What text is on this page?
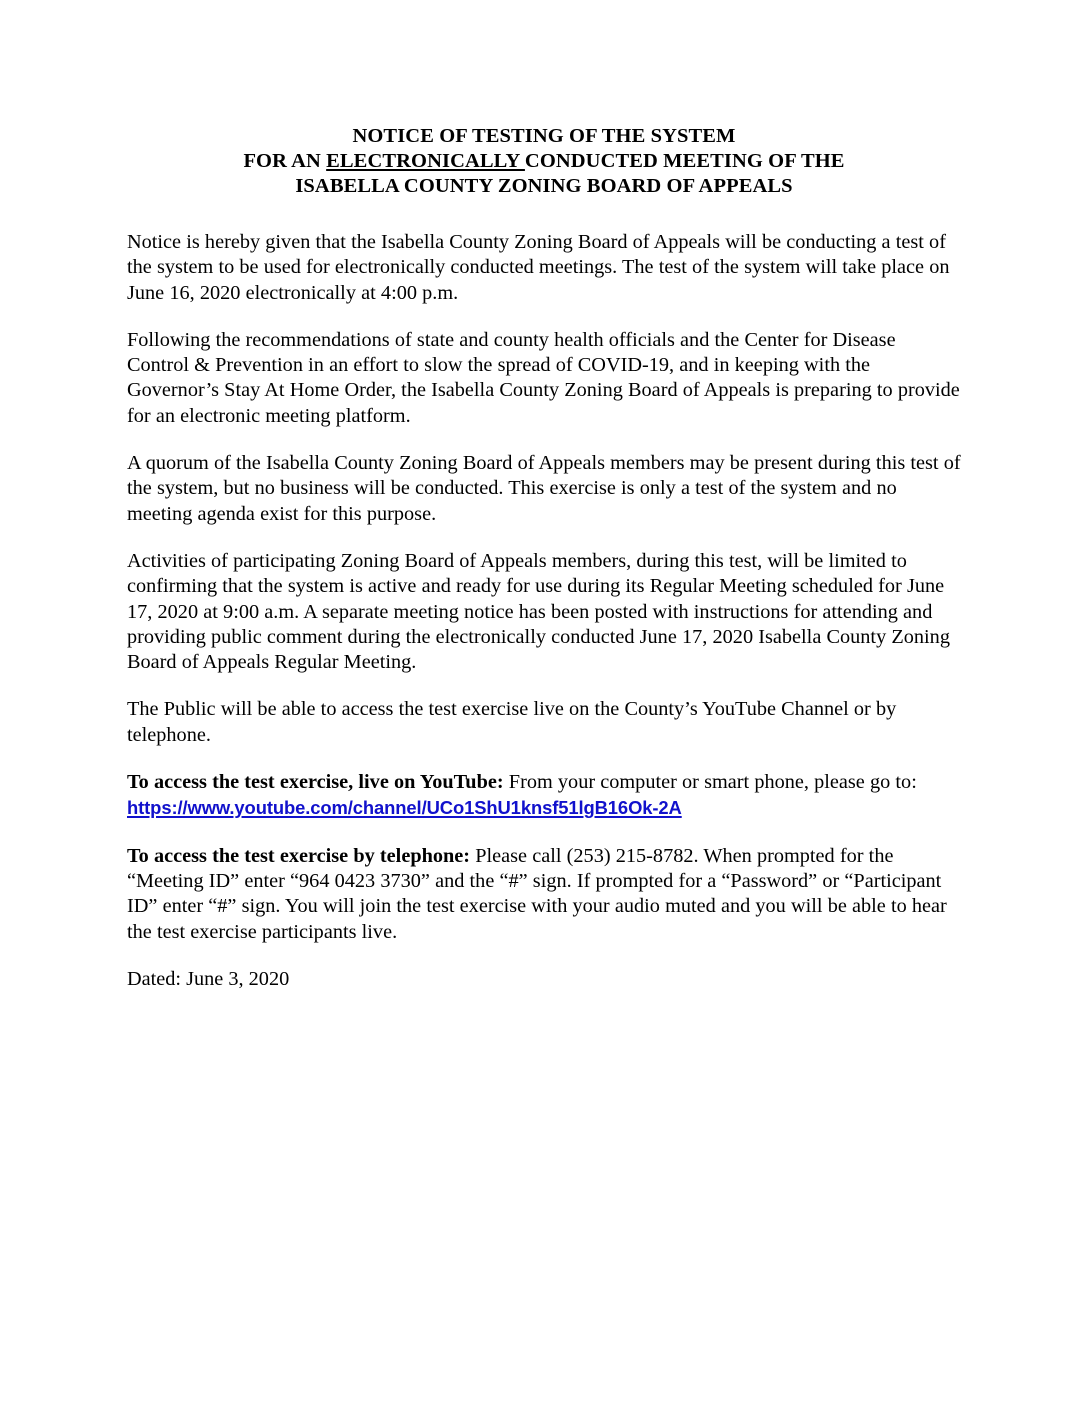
NOTICE OF TESTING OF THE SYSTEM
FOR AN ELECTRONICALLY CONDUCTED MEETING OF THE
ISABELLA COUNTY ZONING BOARD OF APPEALS

Notice is hereby given that the Isabella County Zoning Board of Appeals will be conducting a test of the system to be used for electronically conducted meetings. The test of the system will take place on June 16, 2020 electronically at 4:00 p.m.

Following the recommendations of state and county health officials and the Center for Disease Control & Prevention in an effort to slow the spread of COVID-19, and in keeping with the Governor’s Stay At Home Order, the Isabella County Zoning Board of Appeals is preparing to provide for an electronic meeting platform.

A quorum of the Isabella County Zoning Board of Appeals members may be present during this test of the system, but no business will be conducted. This exercise is only a test of the system and no meeting agenda exist for this purpose.

Activities of participating Zoning Board of Appeals members, during this test, will be limited to confirming that the system is active and ready for use during its Regular Meeting scheduled for June 17, 2020 at 9:00 a.m. A separate meeting notice has been posted with instructions for attending and providing public comment during the electronically conducted June 17, 2020 Isabella County Zoning Board of Appeals Regular Meeting.

The Public will be able to access the test exercise live on the County’s YouTube Channel or by telephone.

To access the test exercise, live on YouTube: From your computer or smart phone, please go to: https://www.youtube.com/channel/UCo1ShU1knsf51lgB16Ok-2A

To access the test exercise by telephone: Please call (253) 215-8782. When prompted for the “Meeting ID” enter “964 0423 3730” and the “#” sign. If prompted for a “Password” or “Participant ID” enter “#” sign. You will join the test exercise with your audio muted and you will be able to hear the test exercise participants live.

Dated: June 3, 2020
